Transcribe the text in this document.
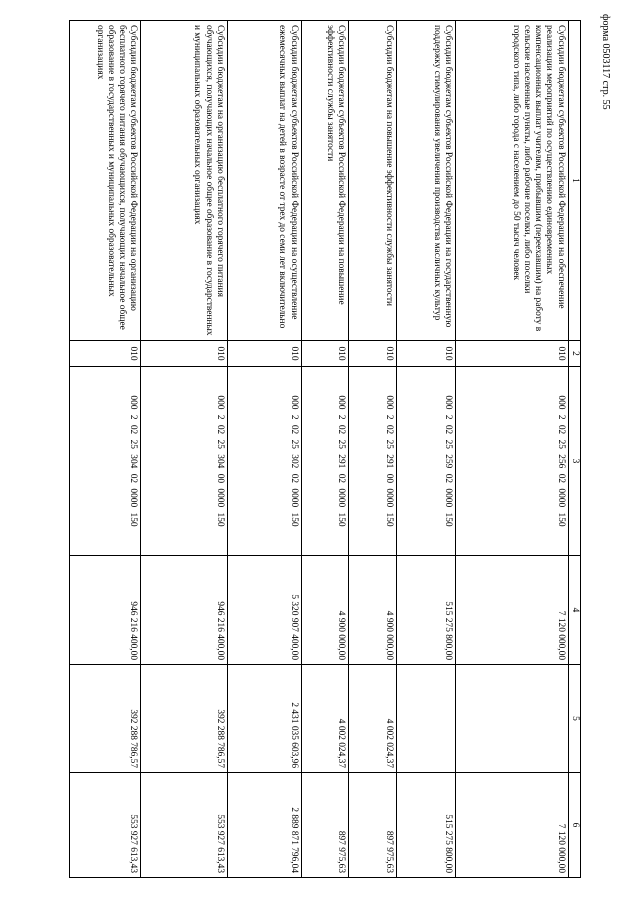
форма 0503117 стр. 55
1	2	3	4	5	6
Субсидии бюджетам субъектов Российской Федерации на обеспечение реализации мероприятий по осуществлению единовременных компенсационных выплат учителям, прибывшим (переехавшим) на работу в сельские населенные пункты, либо рабочие поселки, либо поселки городского типа, либо города с населением до 50 тысяч человек	010	000 2 02 25 256 02 0000 150	7 120 000,00		7 120 000,00
Субсидии бюджетам субъектов Российской Федерации на государственную поддержку стимулирования увеличения производства масличных культур	010	000 2 02 25 259 02 0000 150	515 275 800,00		515 275 800,00
Субсидии бюджетам на повышение эффективности службы занятости	010	000 2 02 25 291 00 0000 150	4 900 000,00	4 002 024,37	897 975,63
Субсидии бюджетам субъектов Российской Федерации на повышение эффективности службы занятости	010	000 2 02 25 291 02 0000 150	4 900 000,00	4 002 024,37	897 975,63
Субсидии бюджетам субъектов Российской Федерации на осуществление ежемесячных выплат на детей в возрасте от трех до семи лет включительно	010	000 2 02 25 302 02 0000 150	5 320 907 400,00	2 431 035 603,96	2 889 871 796,04
Субсидии бюджетам на организацию бесплатного горячего питания обучающихся, получающих начальное общее образование в государственных и муниципальных образовательных организациях	010	000 2 02 25 304 00 0000 150	946 216 400,00	392 288 786,57	553 927 613,43
Субсидии бюджетам субъектов Российской Федерации на организацию бесплатного горячего питания обучающихся, получающих начальное общее образование в государственных и муниципальных образовательных организациях	010	000 2 02 25 304 02 0000 150	946 216 400,00	392 288 786,57	553 927 613,43
